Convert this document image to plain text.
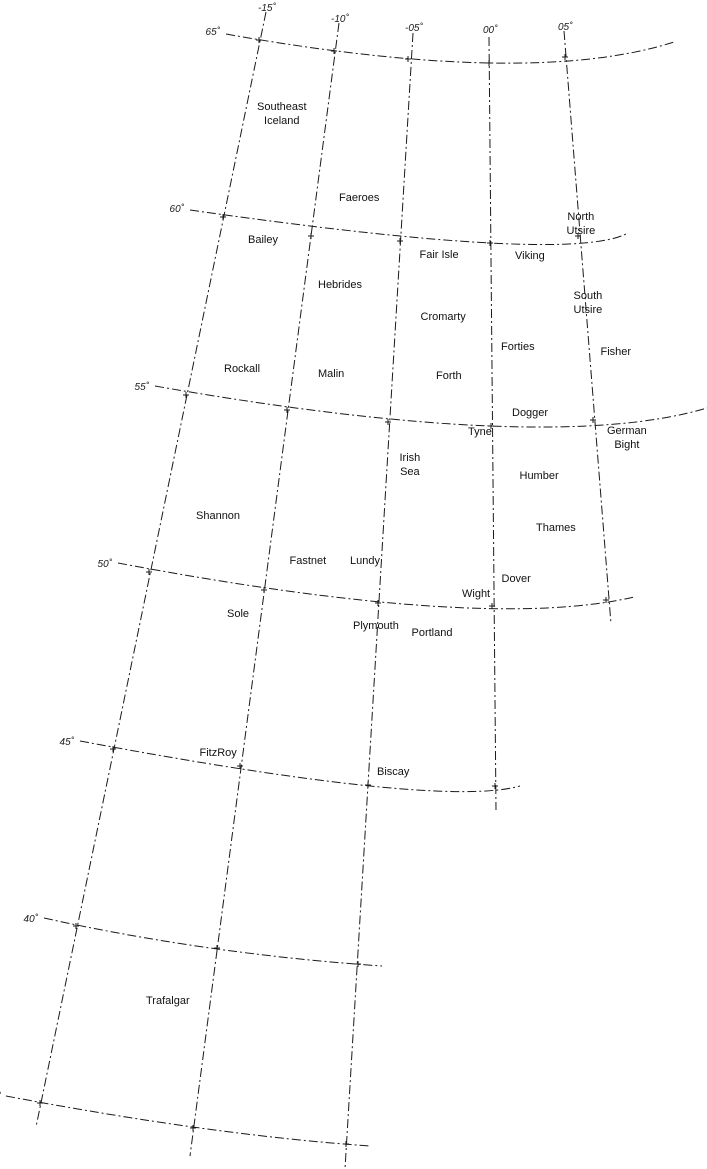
65˚
60˚
55˚
50˚
45˚
40˚
-15˚
-10˚
-05˚	00˚	05˚
Southeast
Iceland
Faeroes
North
Utsire
Bailey
Fair Isle	Viking
Hebrides
South
Utsire
Cromarty
Forties	Fisher
Rockall	Malin	Forth
Dogger
Tyne	German
Bight
Irish
Sea	Humber
Shannon
Thames
Fastnet Lundy
Dover
Wight
Sole
Plymouth
Portland
FitzRoy
Biscay
Trafalgar
